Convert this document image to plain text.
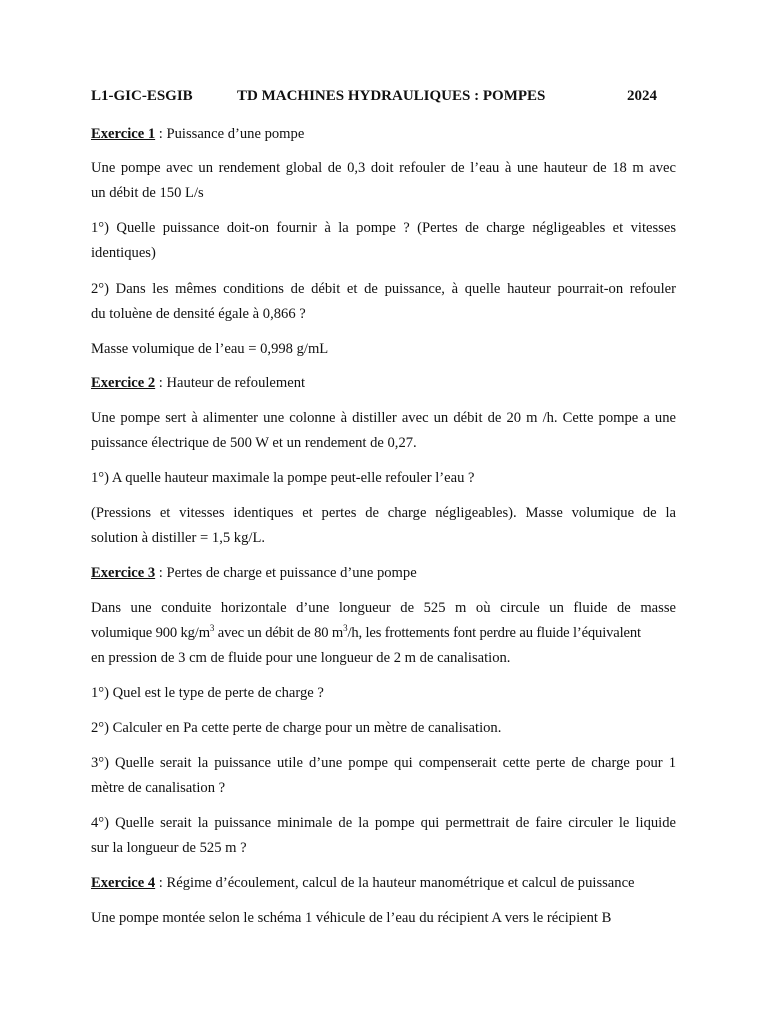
L1-GIC-ESGIB	TD MACHINES HYDRAULIQUES : POMPES	2024
Exercice 1 : Puissance d’une pompe
Une pompe avec un rendement global de 0,3 doit refouler de l’eau à une hauteur de 18 m avec
un débit de 150 L/s
1°) Quelle puissance doit-on fournir à la pompe ? (Pertes de charge négligeables et vitesses
identiques)
2°) Dans les mêmes conditions de débit et de puissance, à quelle hauteur pourrait-on refouler
du toluène de densité égale à 0,866 ?
Masse volumique de l’eau = 0,998 g/mL
Exercice 2 : Hauteur de refoulement
Une pompe sert à alimenter une colonne à distiller avec un débit de 20 m /h. Cette pompe a une
puissance électrique de 500 W et un rendement de 0,27.
1°) A quelle hauteur maximale la pompe peut-elle refouler l’eau ?
(Pressions et vitesses identiques et pertes de charge négligeables). Masse volumique de la
solution à distiller = 1,5 kg/L.
Exercice 3 : Pertes de charge et puissance d’une pompe
Dans une conduite horizontale d’une longueur de 525 m où circule un fluide de masse
volumique 900 $kg/m^3$ avec un débit de 80 $m^3/h$, les frottements font perdre au fluide l’équivalent
en pression de 3 cm de fluide pour une longueur de 2 m de canalisation.
1°) Quel est le type de perte de charge ?
2°) Calculer en Pa cette perte de charge pour un mètre de canalisation.
3°) Quelle serait la puissance utile d’une pompe qui compenserait cette perte de charge pour 1
mètre de canalisation ?
4°) Quelle serait la puissance minimale de la pompe qui permettrait de faire circuler le liquide
sur la longueur de 525 m ?
Exercice 4 : Régime d’écoulement, calcul de la hauteur manométrique et calcul de puissance
Une pompe montée selon le schéma 1 véhicule de l’eau du récipient A vers le récipient B
